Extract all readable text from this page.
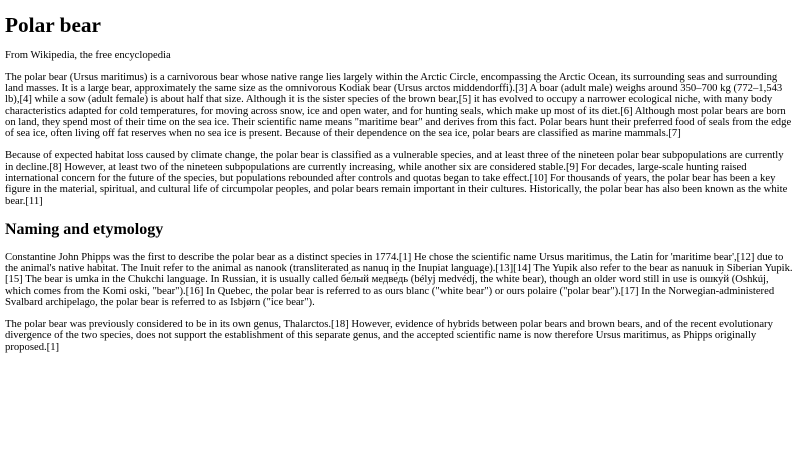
Polar bear
From Wikipedia, the free encyclopedia

The polar bear (Ursus maritimus) is a carnivorous bear whose native range lies largely within the Arctic Circle, encompassing the Arctic Ocean, its surrounding seas and surrounding land masses. It is a large bear, approximately the same size as the omnivorous Kodiak bear (Ursus arctos middendorffi).[3] A boar (adult male) weighs around 350–700 kg (772–1,543 lb),[4] while a sow (adult female) is about half that size. Although it is the sister species of the brown bear,[5] it has evolved to occupy a narrower ecological niche, with many body characteristics adapted for cold temperatures, for moving across snow, ice and open water, and for hunting seals, which make up most of its diet.[6] Although most polar bears are born on land, they spend most of their time on the sea ice. Their scientific name means "maritime bear" and derives from this fact. Polar bears hunt their preferred food of seals from the edge of sea ice, often living off fat reserves when no sea ice is present. Because of their dependence on the sea ice, polar bears are classified as marine mammals.[7]

Because of expected habitat loss caused by climate change, the polar bear is classified as a vulnerable species, and at least three of the nineteen polar bear subpopulations are currently in decline.[8] However, at least two of the nineteen subpopulations are currently increasing, while another six are considered stable.[9] For decades, large-scale hunting raised international concern for the future of the species, but populations rebounded after controls and quotas began to take effect.[10] For thousands of years, the polar bear has been a key figure in the material, spiritual, and cultural life of circumpolar peoples, and polar bears remain important in their cultures. Historically, the polar bear has also been known as the white bear.[11]

Naming and etymology

Constantine John Phipps was the first to describe the polar bear as a distinct species in 1774.[1] He chose the scientific name Ursus maritimus, the Latin for 'maritime bear',[12] due to the animal's native habitat. The Inuit refer to the animal as nanook (transliterated as nanuq in the Inupiat language).[13][14] The Yupik also refer to the bear as nanuuk in Siberian Yupik.[15] The bear is umka in the Chukchi language. In Russian, it is usually called бе́лый медве́дь (bélyj medvédj, the white bear), though an older word still in use is ошку́й (Oshkúj, which comes from the Komi oski, "bear").[16] In Quebec, the polar bear is referred to as ours blanc ("white bear") or ours polaire ("polar bear").[17] In the Norwegian-administered Svalbard archipelago, the polar bear is referred to as Isbjørn ("ice bear").

The polar bear was previously considered to be in its own genus, Thalarctos.[18] However, evidence of hybrids between polar bears and brown bears, and of the recent evolutionary divergence of the two species, does not support the establishment of this separate genus, and the accepted scientific name is now therefore Ursus maritimus, as Phipps originally proposed.[1]
